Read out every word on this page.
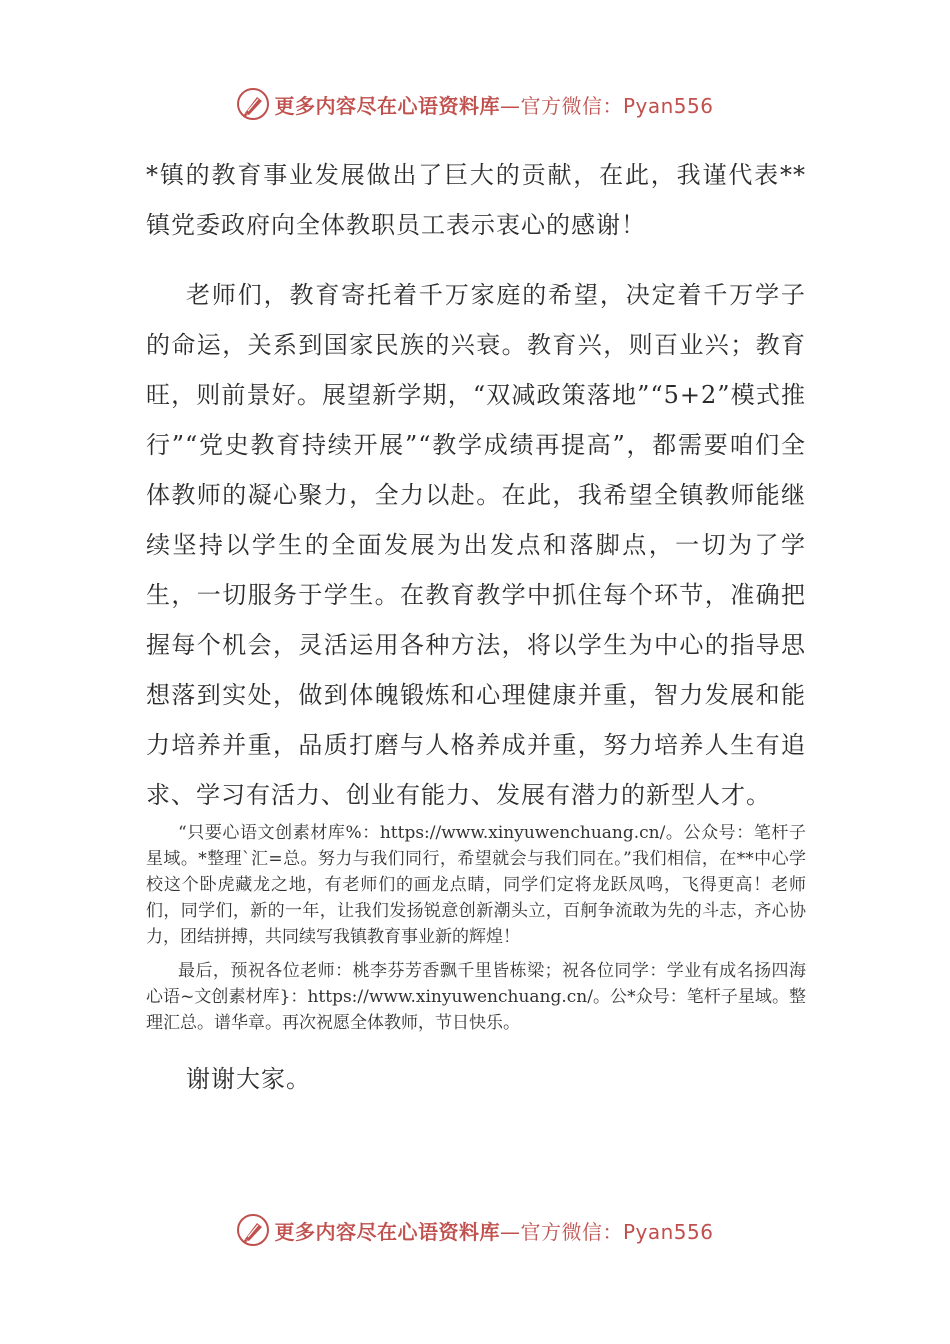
更多内容尽在心语资料库—官方微信：Pyan556

*镇的教育事业发展做出了巨大的贡献，在此，我谨代表**镇党委政府向全体教职员工表示衷心的感谢！

老师们，教育寄托着千万家庭的希望，决定着千万学子的命运，关系到国家民族的兴衰。教育兴，则百业兴；教育旺，则前景好。展望新学期，“双减政策落地”“5+2”模式推行”“党史教育持续开展”“教学成绩再提高”，都需要咱们全体教师的凝心聚力，全力以赴。在此，我希望全镇教师能继续坚持以学生的全面发展为出发点和落脚点，一切为了学生，一切服务于学生。在教育教学中抓住每个环节，准确把握每个机会，灵活运用各种方法，将以学生为中心的指导思想落到实处，做到体魄锻炼和心理健康并重，智力发展和能力培养并重，品质打磨与人格养成并重，努力培养人生有追求、学习有活力、创业有能力、发展有潜力的新型人才。

“只要心语文创素材库%：https://www.xinyuwenchuang.cn/。公众号：笔杆子星域。*整理`汇=总。努力与我们同行，希望就会与我们同在。”我们相信，在**中心学校这个卧虎藏龙之地，有老师们的画龙点睛，同学们定将龙跃凤鸣，飞得更高！老师们，同学们，新的一年，让我们发扬锐意创新潮头立，百舸争流敢为先的斗志，齐心协力，团结拼搏，共同续写我镇教育事业新的辉煌！

最后，预祝各位老师：桃李芬芳香飘千里皆栋梁；祝各位同学：学业有成名扬四海心语~文创素材库}：https://www.xinyuwenchuang.cn/。公*众号：笔杆子星域。整理汇总。谱华章。再次祝愿全体教师，节日快乐。

谢谢大家。

更多内容尽在心语资料库—官方微信：Pyan556
